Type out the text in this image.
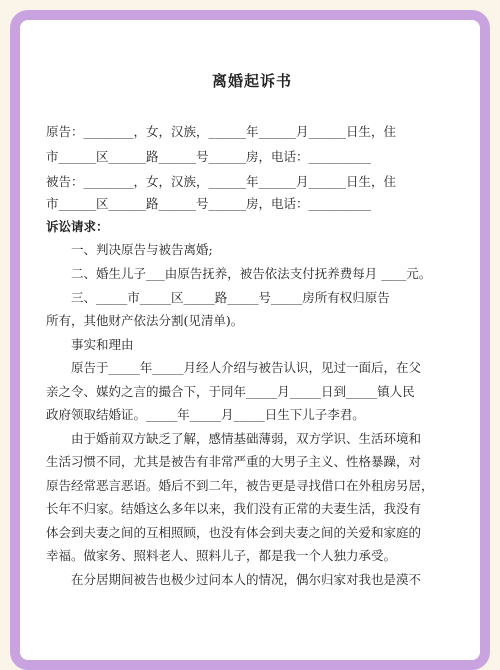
离婚起诉书
原告：________，女，汉族，______年______月______日生，住
市______区______路______号______房，电话：__________
被告：________，女，汉族，______年______月______日生，住
市______区______路______号______房，电话：__________
诉讼请求：
　　一、判决原告与被告离婚;
　　二、婚生儿子___由原告抚养，被告依法支付抚养费每月 ____元。
　　三、_____市_____区_____路_____号_____房所有权归原告
所有，其他财产依法分割(见清单)。
　　事实和理由
　　原告于_____年_____月经人介绍与被告认识，见过一面后，在父
亲之令、媒妁之言的撮合下，于同年_____月_____日到_____镇人民
政府领取结婚证。_____年_____月_____日生下儿子李君。
　　由于婚前双方缺乏了解，感情基础薄弱，双方学识、生活环境和
生活习惯不同，尤其是被告有非常严重的大男子主义、性格暴躁，对
原告经常恶言恶语。婚后不到二年，被告更是寻找借口在外租房另居，
长年不归家。结婚这么多年以来，我们没有正常的夫妻生活，我没有
体会到夫妻之间的互相照顾，也没有体会到夫妻之间的关爱和家庭的
幸福。做家务、照料老人、照料儿子，都是我一个人独力承受。
　　在分居期间被告也极少过问本人的情况，偶尔归家对我也是漠不
